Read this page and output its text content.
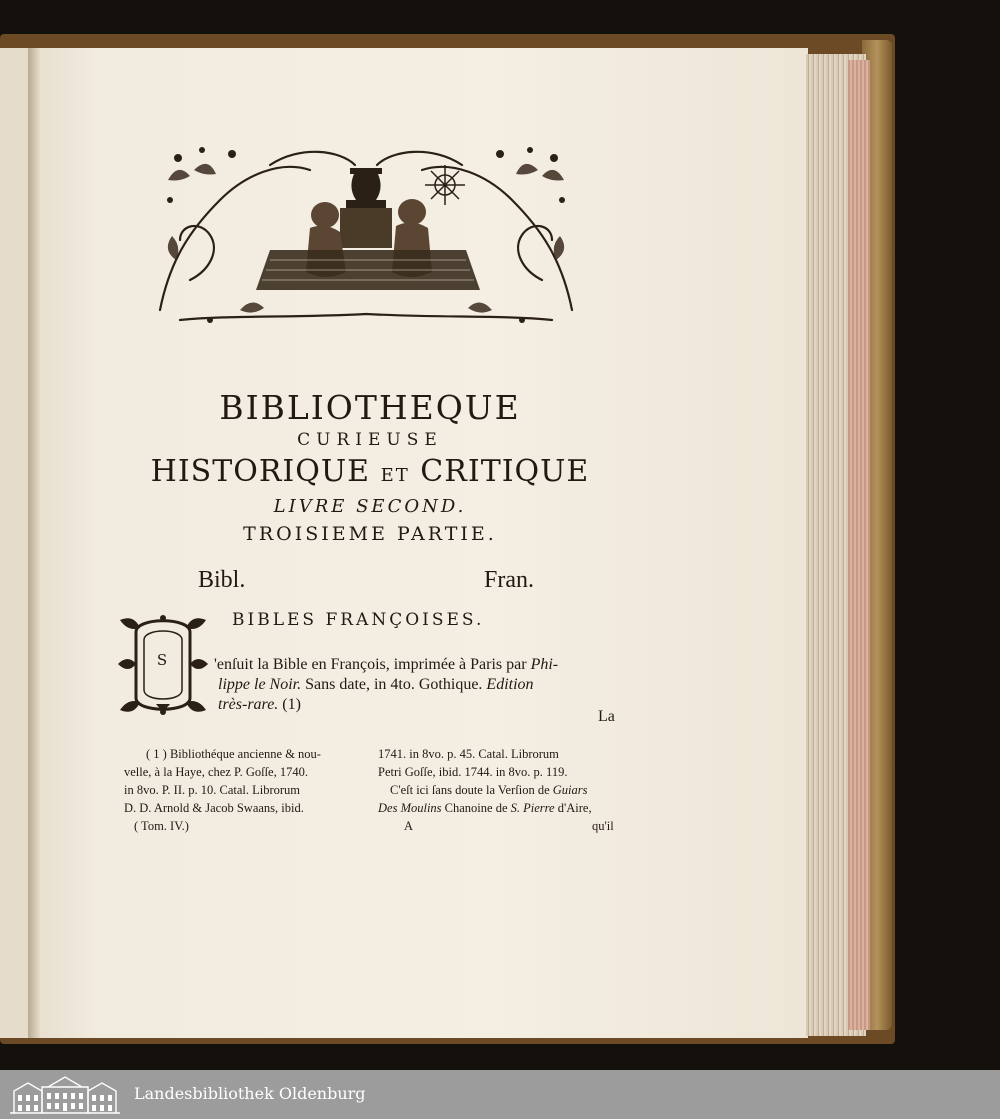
BIBLIOTHEQUE
CURIEUSE
HISTORIQUE ET CRITIQUE
LIVRE SECOND.
TROISIEME PARTIE.
Bibl.	Fran.
BIBLES FRANÇOISES.
S	'enſuit la Bible en François, imprimée à Paris par Phi-
lippe le Noir. Sans date, in 4to. Gothique. Edition
très-rare. (1)
La
( 1 ) Bibliothéque ancienne & nou-
velle, à la Haye, chez P. Goſſe, 1740.
in 8vo. P. II. p. 10. Catal. Librorum
D. D. Arnold & Jacob Swaans, ibid.
( Tom. IV.)
1741. in 8vo. p. 45. Catal. Librorum
Petri Goſſe, ibid. 1744. in 8vo. p. 119.
C'eſt ici ſans doute la Verſion de Guiars
Des Moulins Chanoine de S. Pierre d'Aire,
A	qu'il
Landesbibliothek Oldenburg
